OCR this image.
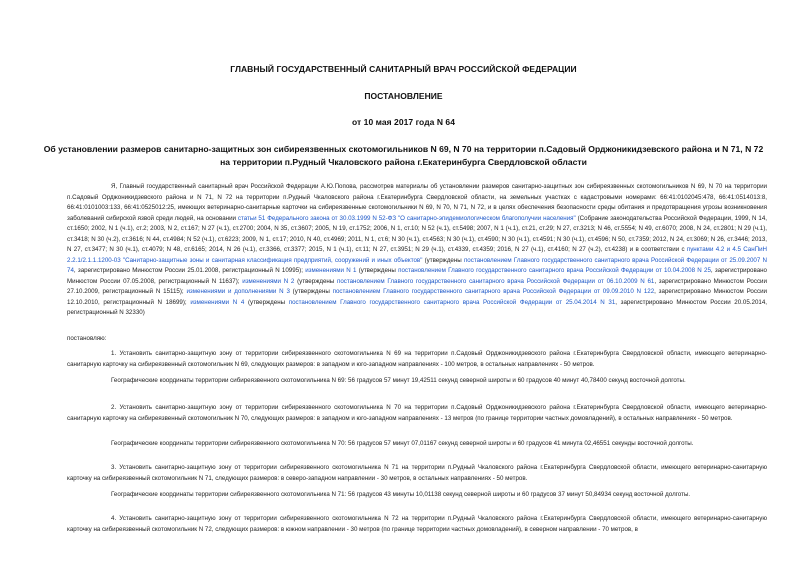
ГЛАВНЫЙ ГОСУДАРСТВЕННЫЙ САНИТАРНЫЙ ВРАЧ РОССИЙСКОЙ ФЕДЕРАЦИИ
ПОСТАНОВЛЕНИЕ
от 10 мая 2017 года N 64
Об установлении размеров санитарно-защитных зон сибиреязвенных скотомогильников N 69, N 70 на территории п.Садовый Орджоникидзевского района и N 71, N 72 на территории п.Рудный Чкаловского района г.Екатеринбурга Свердловской области

Я, Главный государственный санитарный врач Российской Федерации А.Ю.Попова, рассмотрев материалы об установлении размеров санитарно-защитных зон сибиреязвенных скотомогильников N 69, N 70 на территории п.Садовый Орджоникидзевского района и N 71, N 72 на территории п.Рудный Чкаловского района г.Екатеринбурга Свердловской области, на земельных участках с кадастровыми номерами: 66:41:0102045:478, 66:41:0514013:8, 66:41:0101003:133, 66:41:0525012:25, имеющих ветеринарно-санитарные карточки на сибиреязвенные скотомогильники N 69, N 70, N 71, N 72, и в целях обеспечения безопасности среды обитания и предотвращения угрозы возникновения заболеваний сибирской язвой среди людей, на основании статьи 51 Федерального закона от 30.03.1999 N 52-ФЗ "О санитарно-эпидемиологическом благополучии населения" (Собрание законодательства Российской Федерации, 1999, N 14, ст.1650; 2002, N 1 (ч.1), ст.2; 2003, N 2, ст.167; N 27 (ч.1), ст.2700; 2004, N 35, ст.3607; 2005, N 19, ст.1752; 2006, N 1, ст.10; N 52 (ч.1), ст.5498; 2007, N 1 (ч.1), ст.21, ст.29; N 27, ст.3213; N 46, ст.5554; N 49, ст.6070; 2008, N 24, ст.2801; N 29 (ч.1), ст.3418; N 30 (ч.2), ст.3616; N 44, ст.4984; N 52 (ч.1), ст.6223; 2009, N 1, ст.17; 2010, N 40, ст.4969; 2011, N 1, ст.6; N 30 (ч.1), ст.4563; N 30 (ч.1), ст.4590; N 30 (ч.1), ст.4591; N 30 (ч.1), ст.4596; N 50, ст.7359; 2012, N 24, ст.3069; N 26, ст.3446; 2013, N 27, ст.3477; N 30 (ч.1), ст.4079; N 48, ст.6165; 2014, N 26 (ч.1), ст.3366, ст.3377; 2015, N 1 (ч.1), ст.11; N 27, ст.3951; N 29 (ч.1), ст.4339, ст.4359; 2016, N 27 (ч.1), ст.4160; N 27 (ч.2), ст.4238) и в соответствии с пунктами 4.2 и 4.5 СанПиН 2.2.1/2.1.1.1200-03 "Санитарно-защитные зоны и санитарная классификация предприятий, сооружений и иных объектов" (утверждены постановлением Главного государственного санитарного врача Российской Федерации от 25.09.2007 N 74, зарегистрировано Минюстом России 25.01.2008, регистрационный N 10995); изменениями N 1 (утверждены постановлением Главного государственного санитарного врача Российской Федерации от 10.04.2008 N 25, зарегистрировано Минюстом России 07.05.2008, регистрационный N 11637); изменениями N 2 (утверждены постановлением Главного государственного санитарного врача Российской Федерации от 06.10.2009 N 61, зарегистрировано Минюстом России 27.10.2009, регистрационный N 15115); изменениями и дополнениями N 3 (утверждены постановлением Главного государственного санитарного врача Российской Федерации от 09.09.2010 N 122, зарегистрировано Минюстом России 12.10.2010, регистрационный N 18699); изменениями N 4 (утверждены постановлением Главного государственного санитарного врача Российской Федерации от 25.04.2014 N 31, зарегистрировано Минюстом России 20.05.2014, регистрационный N 32330)

постановляю:

1. Установить санитарно-защитную зону от территории сибиреязвенного скотомогильника N 69 на территории п.Садовый Орджоникидзевского района г.Екатеринбурга Свердловской области, имеющего ветеринарно-санитарную карточку на сибиреязвенный скотомогильник N 69, следующих размеров: в западном и юго-западном направлениях - 100 метров, в остальных направлениях - 50 метров.

Географические координаты территории сибиреязвенного скотомогильника N 69: 56 градусов 57 минут 19,42511 секунд северной широты и 60 градусов 40 минут 40,78400 секунд восточной долготы.

2. Установить санитарно-защитную зону от территории сибиреязвенного скотомогильника N 70 на территории п.Садовый Орджоникидзевского района г.Екатеринбурга Свердловской области, имеющего ветеринарно-санитарную карточку на сибиреязвенный скотомогильник N 70, следующих размеров: в западном и юго-западном направлениях - 13 метров (по границе территории частных домовладений), в остальных направлениях - 50 метров.

Географические координаты территории сибиреязвенного скотомогильника N 70: 56 градусов 57 минут 07,01167 секунд северной широты и 60 градусов 41 минута 02,46551 секунды восточной долготы.

3. Установить санитарно-защитную зону от территории сибиреязвенного скотомогильника N 71 на территории п.Рудный Чкаловского района г.Екатеринбурга Свердловской области, имеющего ветеринарно-санитарную карточку на сибиреязвенный скотомогильник N 71, следующих размеров: в северо-западном направлении - 30 метров, в остальных направлениях - 50 метров.

Географические координаты территории сибиреязвенного скотомогильника N 71: 56 градусов 43 минуты 10,01138 секунд северной широты и 60 градусов 37 минут 50,84934 секунд восточной долготы.

4. Установить санитарно-защитную зону от территории сибиреязвенного скотомогильника N 72 на территории п.Рудный Чкаловского района г.Екатеринбурга Свердловской области, имеющего ветеринарно-санитарную карточку на сибиреязвенный скотомогильник N 72, следующих размеров: в южном направлении - 30 метров (по границе территории частных домовладений), в северном направлении - 70 метров, в
